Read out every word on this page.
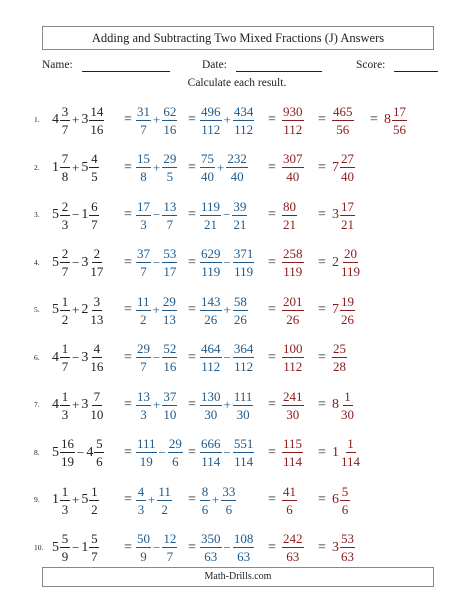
Adding and Subtracting Two Mixed Fractions (J) Answers
Name:	Date:	Score:
Calculate each result.
1. $4 \frac{3}{7} + 3 \frac{14}{16} = \frac{31}{7} + \frac{62}{16} = \frac{496}{112} + \frac{434}{112} = \frac{930}{112} = \frac{465}{56} = 8 \frac{17}{56}$
2. $1 \frac{7}{8} + 5 \frac{4}{5} = \frac{15}{8} + \frac{29}{5} = \frac{75}{40} + \frac{232}{40} = \frac{307}{40} = 7 \frac{27}{40}$
3. $5 \frac{2}{3} - 1 \frac{6}{7} = \frac{17}{3} - \frac{13}{7} = \frac{119}{21} - \frac{39}{21} = \frac{80}{21} = 3 \frac{17}{21}$
4. $5 \frac{2}{7} - 3 \frac{2}{17} = \frac{37}{7} - \frac{53}{17} = \frac{629}{119} - \frac{371}{119} = \frac{258}{119} = 2 \frac{20}{119}$
5. $5 \frac{1}{2} + 2 \frac{3}{13} = \frac{11}{2} + \frac{29}{13} = \frac{143}{26} + \frac{58}{26} = \frac{201}{26} = 7 \frac{19}{26}$
6. $4 \frac{1}{7} - 3 \frac{4}{16} = \frac{29}{7} - \frac{52}{16} = \frac{464}{112} - \frac{364}{112} = \frac{100}{112} = \frac{25}{28}$
7. $4 \frac{1}{3} + 3 \frac{7}{10} = \frac{13}{3} + \frac{37}{10} = \frac{130}{30} + \frac{111}{30} = \frac{241}{30} = 8 \frac{1}{30}$
8. $5 \frac{16}{19} - 4 \frac{5}{6} = \frac{111}{19} - \frac{29}{6} = \frac{666}{114} - \frac{551}{114} = \frac{115}{114} = 1 \frac{1}{114}$
9. $1 \frac{1}{3} + 5 \frac{1}{2} = \frac{4}{3} + \frac{11}{2} = \frac{8}{6} + \frac{33}{6} = \frac{41}{6} = 6 \frac{5}{6}$
10. $5 \frac{5}{9} - 1 \frac{5}{7} = \frac{50}{9} - \frac{12}{7} = \frac{350}{63} - \frac{108}{63} = \frac{242}{63} = 3 \frac{53}{63}$
Math-Drills.com
